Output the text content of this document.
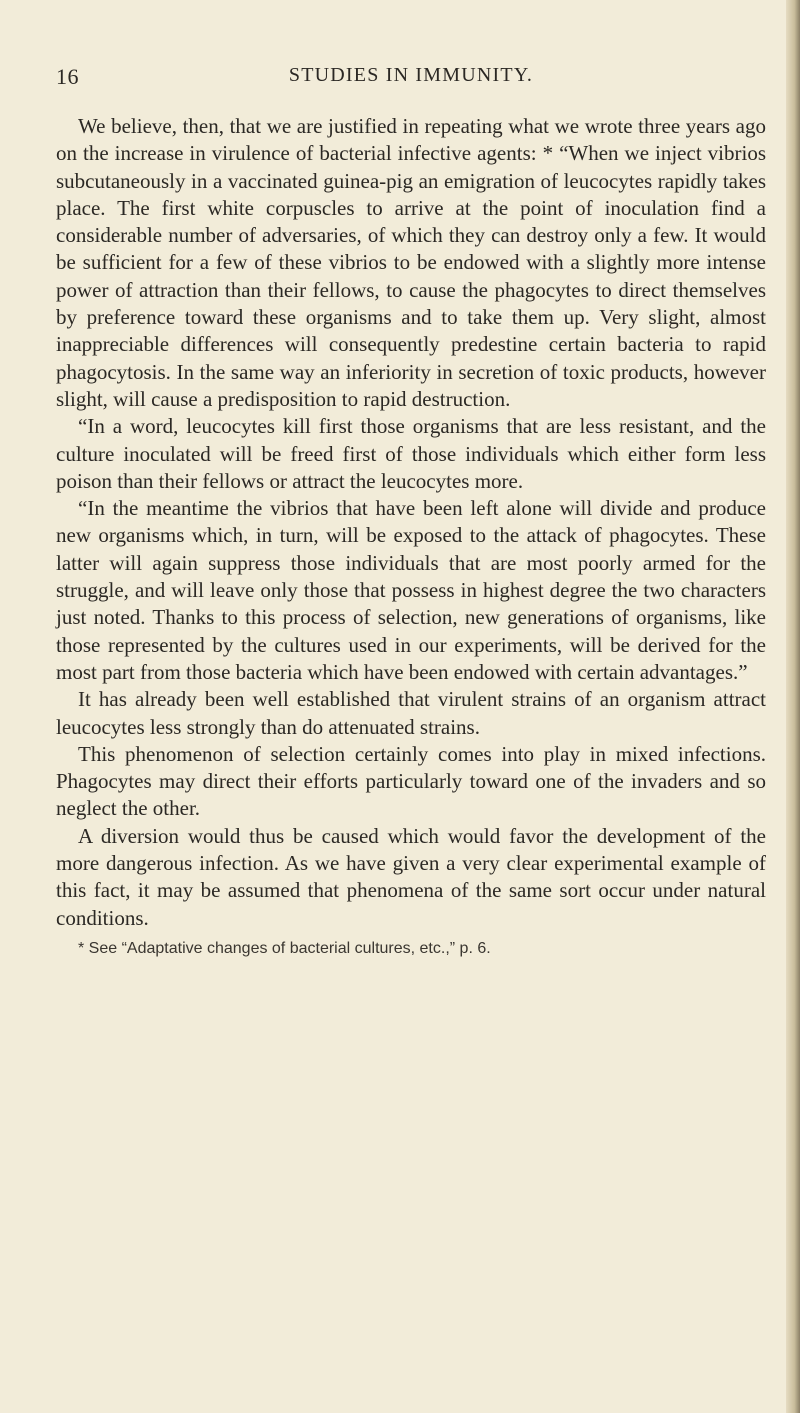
16	STUDIES IN IMMUNITY.

We believe, then, that we are justified in repeating what we wrote three years ago on the increase in virulence of bacterial infective agents: * “When we inject vibrios subcutaneously in a vaccinated guinea-pig an emigration of leucocytes rapidly takes place. The first white corpuscles to arrive at the point of inoculation find a considerable number of adversaries, of which they can destroy only a few. It would be sufficient for a few of these vibrios to be endowed with a slightly more intense power of attraction than their fellows, to cause the phagocytes to direct themselves by preference toward these organisms and to take them up. Very slight, almost inappreciable differences will consequently predestine certain bacteria to rapid phagocytosis. In the same way an inferiority in secretion of toxic products, however slight, will cause a predisposition to rapid destruction.

“In a word, leucocytes kill first those organisms that are less resistant, and the culture inoculated will be freed first of those individuals which either form less poison than their fellows or attract the leucocytes more.

“In the meantime the vibrios that have been left alone will divide and produce new organisms which, in turn, will be exposed to the attack of phagocytes. These latter will again suppress those individuals that are most poorly armed for the struggle, and will leave only those that possess in highest degree the two characters just noted. Thanks to this process of selection, new generations of organisms, like those represented by the cultures used in our experiments, will be derived for the most part from those bacteria which have been endowed with certain advantages.”

It has already been well established that virulent strains of an organism attract leucocytes less strongly than do attenuated strains.

This phenomenon of selection certainly comes into play in mixed infections. Phagocytes may direct their efforts particularly toward one of the invaders and so neglect the other.

A diversion would thus be caused which would favor the development of the more dangerous infection. As we have given a very clear experimental example of this fact, it may be assumed that phenomena of the same sort occur under natural conditions.

* See “Adaptative changes of bacterial cultures, etc.,” p. 6.
